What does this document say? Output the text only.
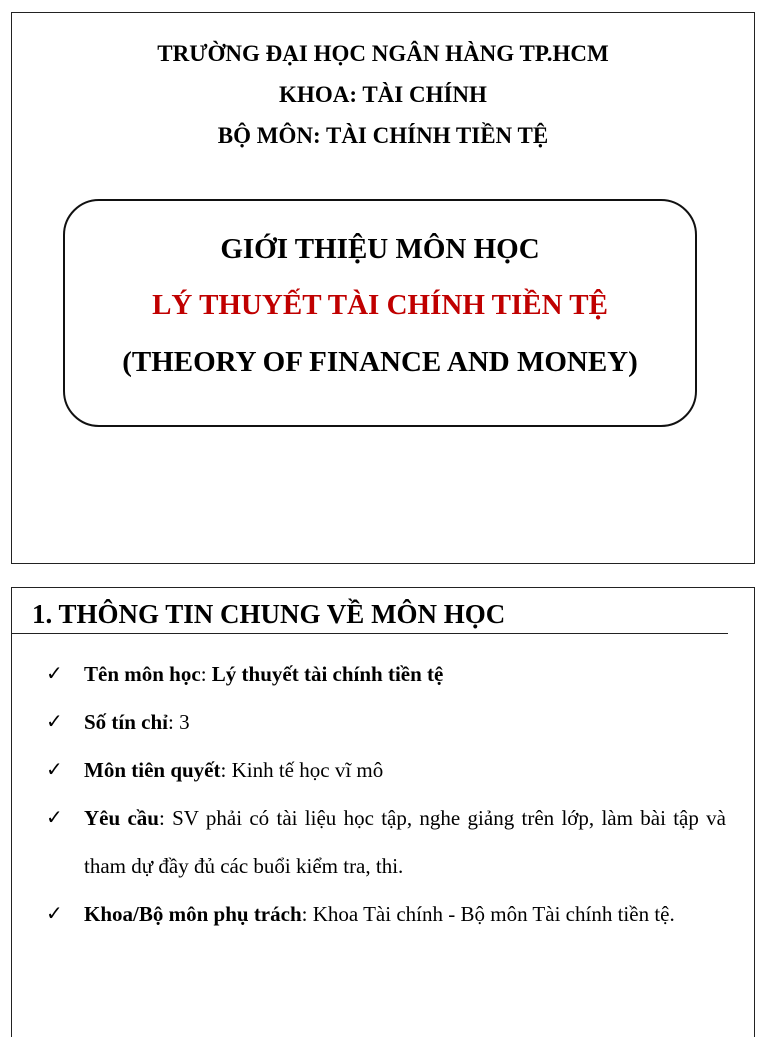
TRƯỜNG ĐẠI HỌC NGÂN HÀNG TP.HCM
KHOA: TÀI CHÍNH
BỘ MÔN: TÀI CHÍNH TIỀN TỆ
GIỚI THIỆU MÔN HỌC
LÝ THUYẾT TÀI CHÍNH TIỀN TỆ
(THEORY OF FINANCE AND MONEY)
1. THÔNG TIN CHUNG VỀ MÔN HỌC
✓ Tên môn học: Lý thuyết tài chính tiền tệ
✓ Số tín chỉ: 3
✓ Môn tiên quyết: Kinh tế học vĩ mô
✓ Yêu cầu: SV phải có tài liệu học tập, nghe giảng trên lớp, làm bài tập và tham dự đầy đủ các buổi kiểm tra, thi.
✓ Khoa/Bộ môn phụ trách: Khoa Tài chính - Bộ môn Tài chính tiền tệ.
